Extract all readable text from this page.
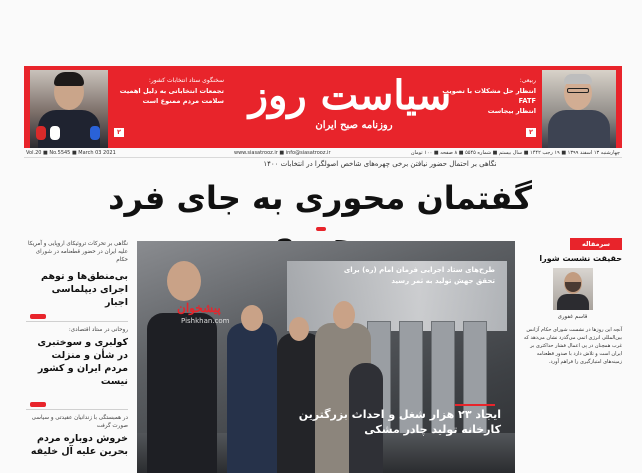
سخنگوی ستاد انتخابات کشور:
تجمعات انتخاباتی به دلیل اهمیت
سلامت مردم ممنوع است
۲
سیاست روز
روزنامه صبح ایران
ربیعی:
انتظار حل مشکلات با تصویب FATF
انتظار بیجاست
۲
Vol.20 ■ No.5545 ■ March 03 2021	www.siasatrooz.ir ■ info@siasatrooz.ir	چهارشنبه ۱۳ اسفند ۱۳۹۹ ■ ۱۹ رجب ۱۴۴۲ ■ سال بیستم ■ شماره ۵۵۴۵ ■ ۸ صفحه ■ ۱۰۰ تومان
نگاهی بر احتمال حضور نیافتن برخی چهره‌های شاخص اصولگرا در انتخابات ۱۴۰۰
گفتمان محوری به جای فرد
نگاهی بر تحرکات تروئیکای اروپایی و آمریکا علیه ایران در حضور قطعنامه در شورای حکام
بی‌منطق‌ها و توهم اجرای دیپلماسی اجبار
روحانی در ستاد اقتصادی:
کولبری و سوختبری در شأن و منزلت مردم ایران و کشور نیست
در همبستگی با زندانیان عقیدتی و سیاسی صورت گرفت
خروش دوباره مردم بحرین علیه آل خلیفه
طرح‌های ستاد اجرایی فرمان امام (ره) برای تحقق جهش تولید به ثمر رسید
پیشخوان
Pishkhan.com
ایجاد ۲۳ هزار شغل و احداث بزرگترین کارخانه تولید چادر مشکی
سرمقاله
حقیقت نشست شورا
قاسم غفوری
آنچه این روزها در نشست شورای حکام آژانس بین‌المللی انرژی اتمی می‌گذرد نشان می‌دهد که غرب همچنان در پی اعمال فشار حداکثری بر ایران است و تلاش دارد با صدور قطعنامه زمینه‌های امتیازگیری را فراهم آورد.
